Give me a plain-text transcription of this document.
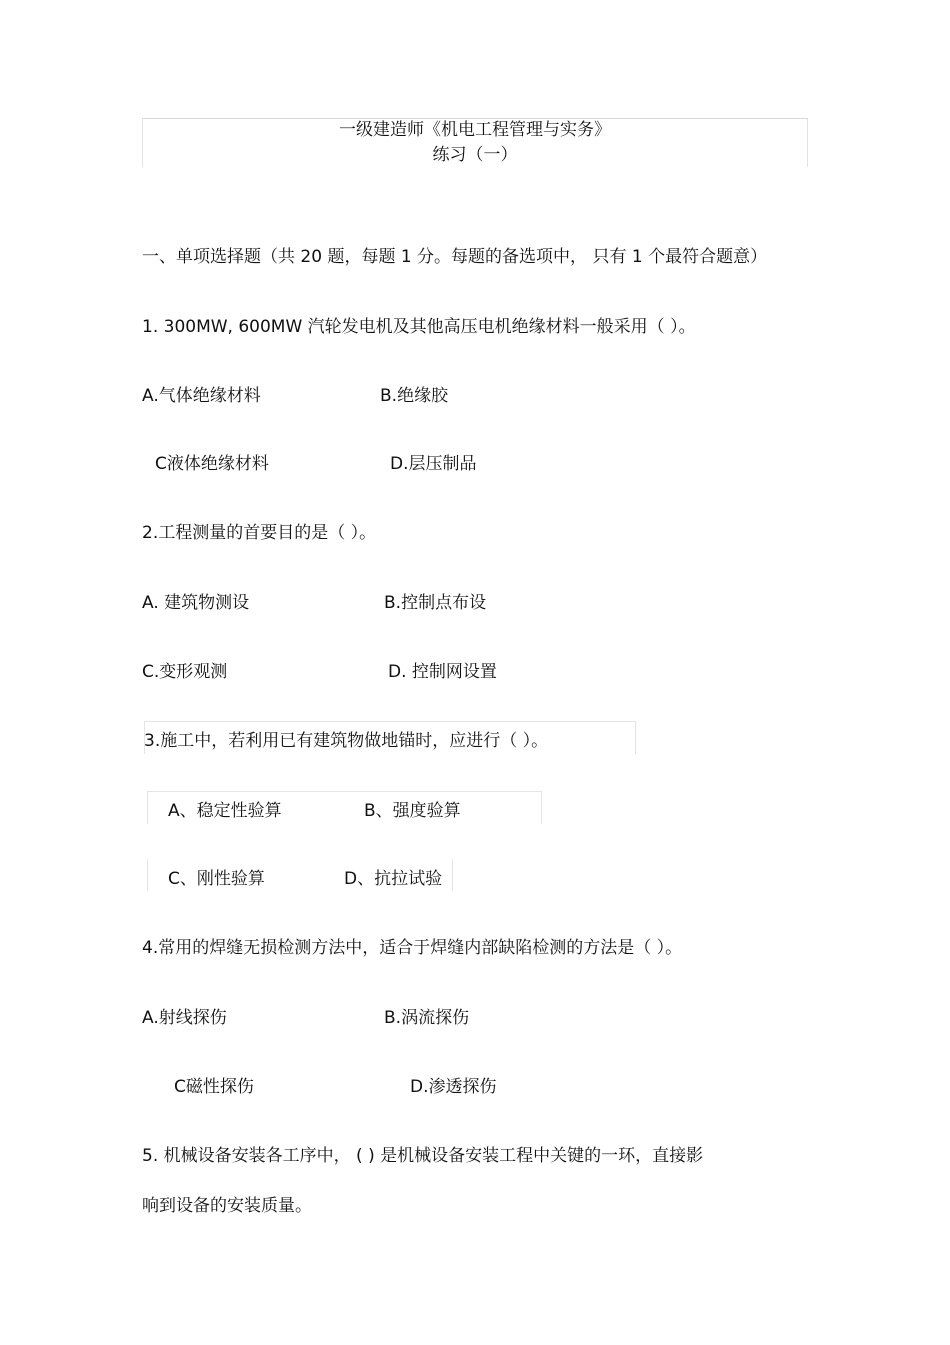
一级建造师《机电工程管理与实务》
练习（一）
一、单项选择题（共 20 题，每题 1 分。每题的备选项中， 只有 1 个最符合题意）
1. 300MW, 600MW 汽轮发电机及其他高压电机绝缘材料一般采用（ ）。
A.气体绝缘材料	B.绝缘胶
C液体绝缘材料	D.层压制品
2.工程测量的首要目的是（ ）。
A. 建筑物测设	B.控制点布设
C.变形观测	D. 控制网设置
3.施工中，若利用已有建筑物做地锚时，应进行（ ）。
A、稳定性验算	B、强度验算
C、刚性验算	D、抗拉试验
4.常用的焊缝无损检测方法中，适合于焊缝内部缺陷检测的方法是（ ）。
A.射线探伤	B.涡流探伤
C磁性探伤	D.渗透探伤
5. 机械设备安装各工序中， ( ) 是机械设备安装工程中关键的一环，直接影
响到设备的安装质量。
